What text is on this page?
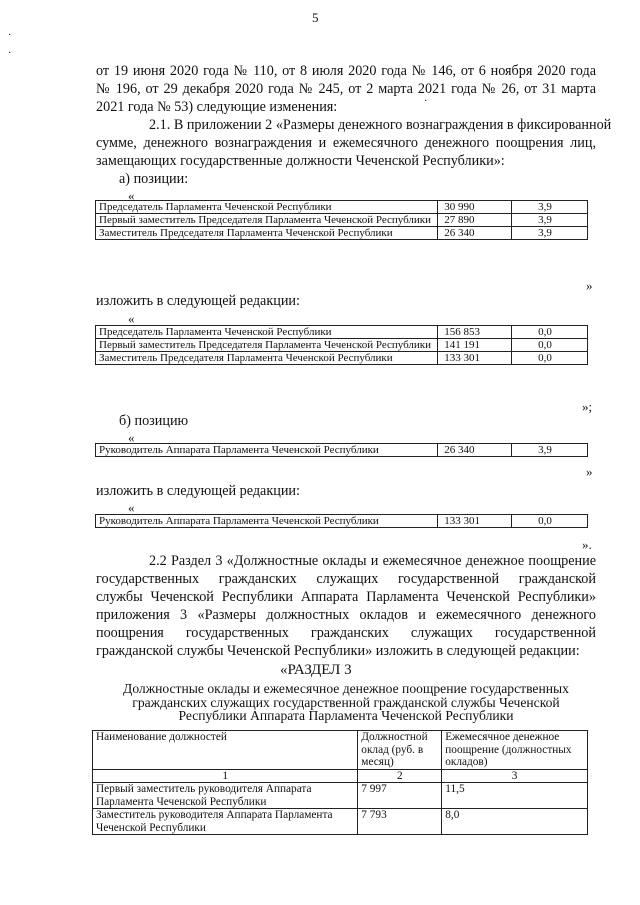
5
·
·
·
от 19 июня 2020 года № 110, от 8 июля 2020 года № 146, от 6 ноября 2020 года
№ 196, от 29 декабря 2020 года № 245, от 2 марта 2021 года № 26, от 31 марта
2021 года № 53) следующие изменения:
2.1. В приложении 2 «Размеры денежного вознаграждения в фиксированной
сумме, денежного вознаграждения и ежемесячного денежного поощрения лиц,
замещающих государственные должности Чеченской Республики»:
а) позиции:
«
Председатель Парламента Чеченской Республики	30 990	3,9
Первый заместитель Председателя Парламента Чеченской Республики	27 890	3,9
Заместитель Председателя Парламента Чеченской Республики	26 340	3,9
»
изложить в следующей редакции:
«
Председатель Парламента Чеченской Республики	156 853	0,0
Первый заместитель Председателя Парламента Чеченской Республики	141 191	0,0
Заместитель Председателя Парламента Чеченской Республики	133 301	0,0
»;
б) позицию
«
Руководитель Аппарата Парламента Чеченской Республики	26 340	3,9
»
изложить в следующей редакции:
«
Руководитель Аппарата Парламента Чеченской Республики	133 301	0,0
».
2.2 Раздел 3 «Должностные оклады и ежемесячное денежное поощрение
государственных гражданских служащих государственной гражданской
службы Чеченской Республики Аппарата Парламента Чеченской Республики»
приложения 3 «Размеры должностных окладов и ежемесячного денежного
поощрения государственных гражданских служащих государственной
гражданской службы Чеченской Республики» изложить в следующей редакции:
«РАЗДЕЛ 3
Должностные оклады и ежемесячное денежное поощрение государственных
гражданских служащих государственной гражданской службы Чеченской
Республики Аппарата Парламента Чеченской Республики
Наименование должностей	Должностной оклад (руб. в месяц)	Ежемесячное денежное поощрение (должностных окладов)
1	2	3
Первый заместитель руководителя Аппарата Парламента Чеченской Республики	7 997	11,5
Заместитель руководителя Аппарата Парламента Чеченской Республики	7 793	8,0
